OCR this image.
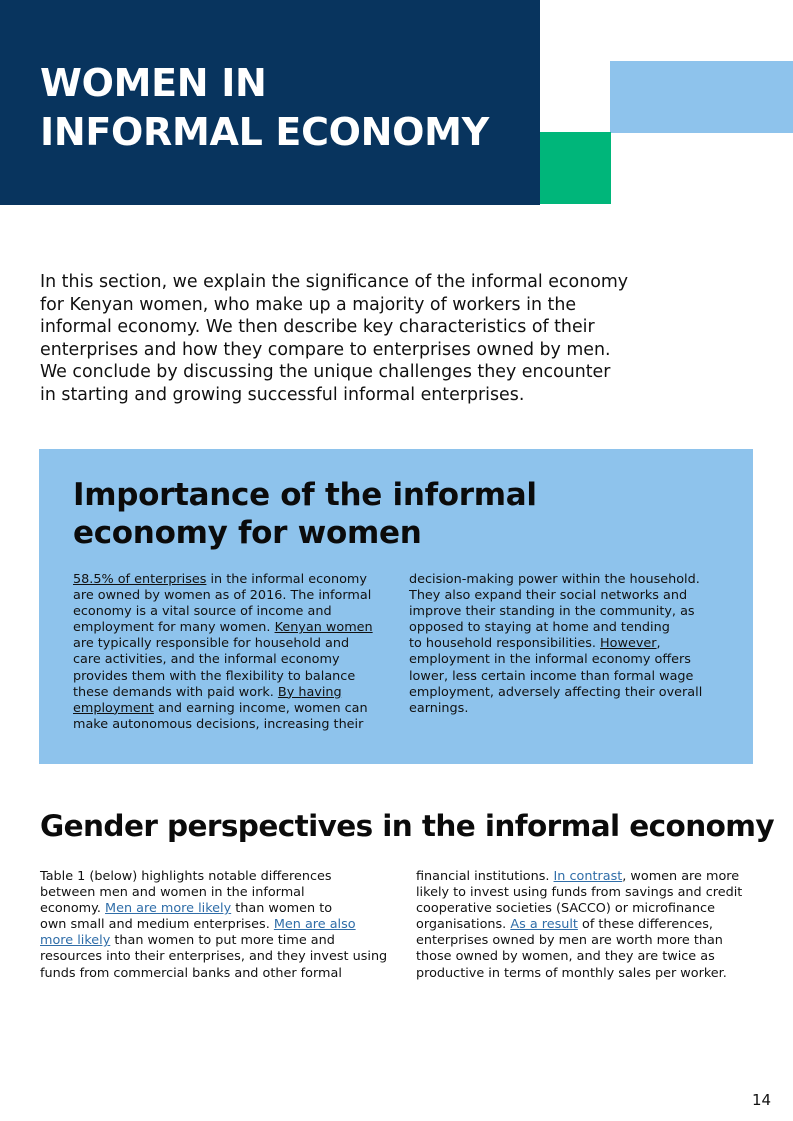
WOMEN IN
INFORMAL ECONOMY

In this section, we explain the significance of the informal economy
for Kenyan women, who make up a majority of workers in the
informal economy. We then describe key characteristics of their
enterprises and how they compare to enterprises owned by men.
We conclude by discussing the unique challenges they encounter
in starting and growing successful informal enterprises.

Importance of the informal
economy for women
58.5% of enterprises in the informal economy
are owned by women as of 2016. The informal
economy is a vital source of income and
employment for many women. Kenyan women
are typically responsible for household and
care activities, and the informal economy
provides them with the flexibility to balance
these demands with paid work. By having
employment and earning income, women can
make autonomous decisions, increasing their
decision-making power within the household.
They also expand their social networks and
improve their standing in the community, as
opposed to staying at home and tending
to household responsibilities. However,
employment in the informal economy offers
lower, less certain income than formal wage
employment, adversely affecting their overall
earnings.
Gender perspectives in the informal economy
Table 1 (below) highlights notable differences
between men and women in the informal
economy. Men are more likely than women to
own small and medium enterprises. Men are also
more likely than women to put more time and
resources into their enterprises, and they invest using
funds from commercial banks and other formal
financial institutions. In contrast, women are more
likely to invest using funds from savings and credit
cooperative societies (SACCO) or microfinance
organisations. As a result of these differences,
enterprises owned by men are worth more than
those owned by women, and they are twice as
productive in terms of monthly sales per worker.
14
